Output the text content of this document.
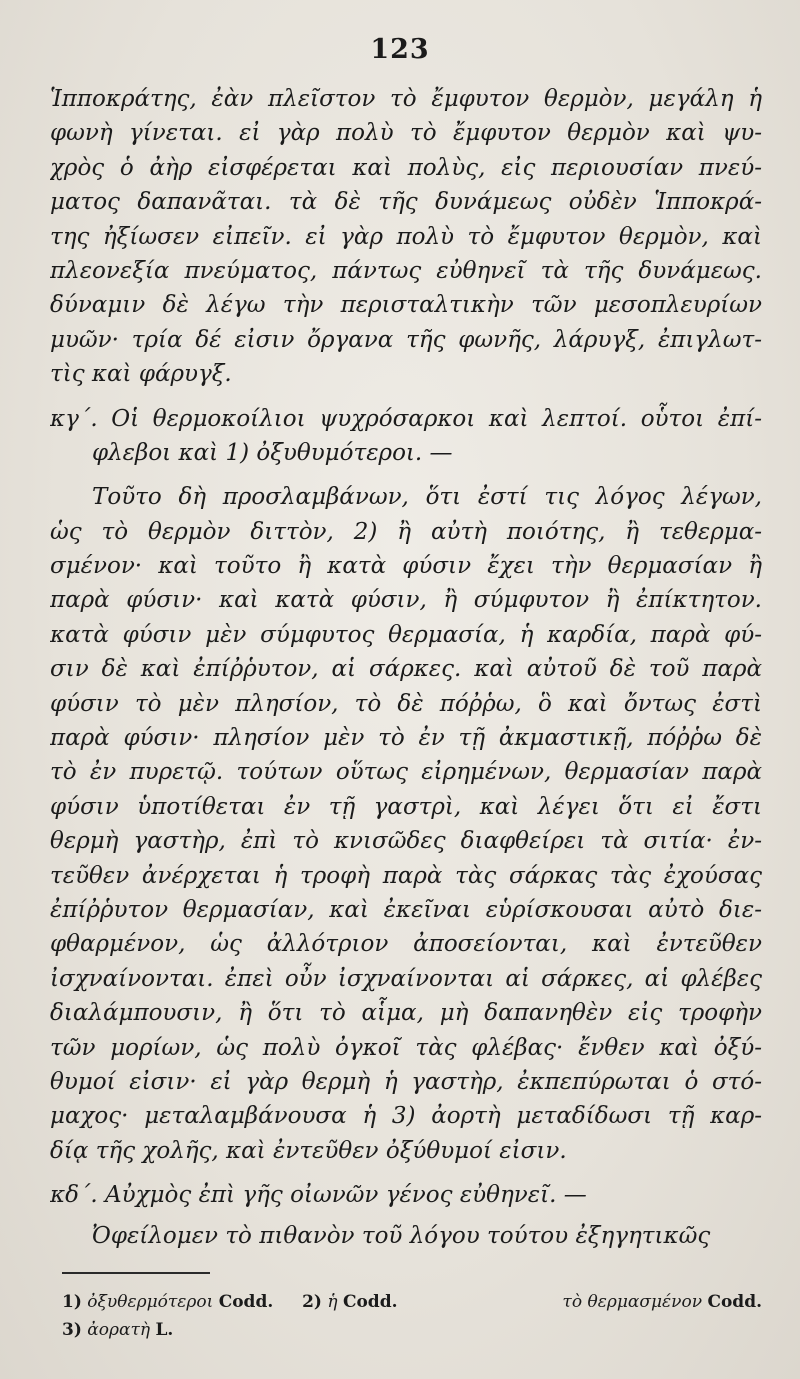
123
Ἱπποκράτης, ἐὰν πλεῖστον τὸ ἔμφυτον θερμὸν, μεγάλη ἡ
φωνὴ γίνεται. εἰ γὰρ πολὺ τὸ ἔμφυτον θερμὸν καὶ ψυ-
χρὸς ὁ ἀὴρ εἰσφέρεται καὶ πολὺς, εἰς περιουσίαν πνεύ-
ματος δαπανᾶται. τὰ δὲ τῆς δυνάμεως οὐδὲν Ἱπποκρά-
της ἠξίωσεν εἰπεῖν. εἰ γὰρ πολὺ τὸ ἔμφυτον θερμὸν, καὶ
πλεονεξία πνεύματος, πάντως εὐθηνεῖ τὰ τῆς δυνάμεως.
δύναμιν δὲ λέγω τὴν περισταλτικὴν τῶν μεσοπλευρίων
μυῶν· τρία δέ εἰσιν ὄργανα τῆς φωνῆς, λάρυγξ, ἐπιγλωτ-
τὶς καὶ φάρυγξ.
κγ΄. Οἱ θερμοκοίλιοι ψυχρόσαρκοι καὶ λεπτοί. οὗτοι ἐπί-
φλεβοι καὶ 1) ὀξυθυμότεροι. —
Τοῦτο δὴ προσλαμβάνων, ὅτι ἐστί τις λόγος λέγων,
ὡς τὸ θερμὸν διττὸν, 2) ἢ αὐτὴ ποιότης, ἢ τεθερμα-
σμένον· καὶ τοῦτο ἢ κατὰ φύσιν ἔχει τὴν θερμασίαν ἢ
παρὰ φύσιν· καὶ κατὰ φύσιν, ἢ σύμφυτον ἢ ἐπίκτητον.
κατὰ φύσιν μὲν σύμφυτος θερμασία, ἡ καρδία, παρὰ φύ-
σιν δὲ καὶ ἐπίῤῥυτον, αἱ σάρκες. καὶ αὐτοῦ δὲ τοῦ παρὰ
φύσιν τὸ μὲν πλησίον, τὸ δὲ πόῤῥω, ὃ καὶ ὄντως ἐστὶ
παρὰ φύσιν· πλησίον μὲν τὸ ἐν τῇ ἀκμαστικῇ, πόῤῥω δὲ
τὸ ἐν πυρετῷ. τούτων οὕτως εἰρημένων, θερμασίαν παρὰ
φύσιν ὑποτίθεται ἐν τῇ γαστρὶ, καὶ λέγει ὅτι εἰ ἔστι
θερμὴ γαστὴρ, ἐπὶ τὸ κνισῶδες διαφθείρει τὰ σιτία· ἐν-
τεῦθεν ἀνέρχεται ἡ τροφὴ παρὰ τὰς σάρκας τὰς ἐχούσας
ἐπίῤῥυτον θερμασίαν, καὶ ἐκεῖναι εὑρίσκουσαι αὐτὸ διε-
φθαρμένον, ὡς ἀλλότριον ἀποσείονται, καὶ ἐντεῦθεν
ἰσχναίνονται. ἐπεὶ οὖν ἰσχναίνονται αἱ σάρκες, αἱ φλέβες
διαλάμπουσιν, ἢ ὅτι τὸ αἷμα, μὴ δαπανηθὲν εἰς τροφὴν
τῶν μορίων, ὡς πολὺ ὀγκοῖ τὰς φλέβας· ἔνθεν καὶ ὀξύ-
θυμοί εἰσιν· εἰ γὰρ θερμὴ ἡ γαστὴρ, ἐκπεπύρωται ὁ στό-
μαχος· μεταλαμβάνουσα ἡ 3) ἀορτὴ μεταδίδωσι τῇ καρ-
δίᾳ τῆς χολῆς, καὶ ἐντεῦθεν ὀξύθυμοί εἰσιν.
κδ΄. Αὐχμὸς ἐπὶ γῆς οἰωνῶν γένος εὐθηνεῖ. —
Ὀφείλομεν τὸ πιθανὸν τοῦ λόγου τούτου ἐξηγητικῶς
1) ὀξυθερμότεροι Codd. 2) ἡ Codd.	τὸ θερμασμένον Codd.
3) ἀορατὴ L.
